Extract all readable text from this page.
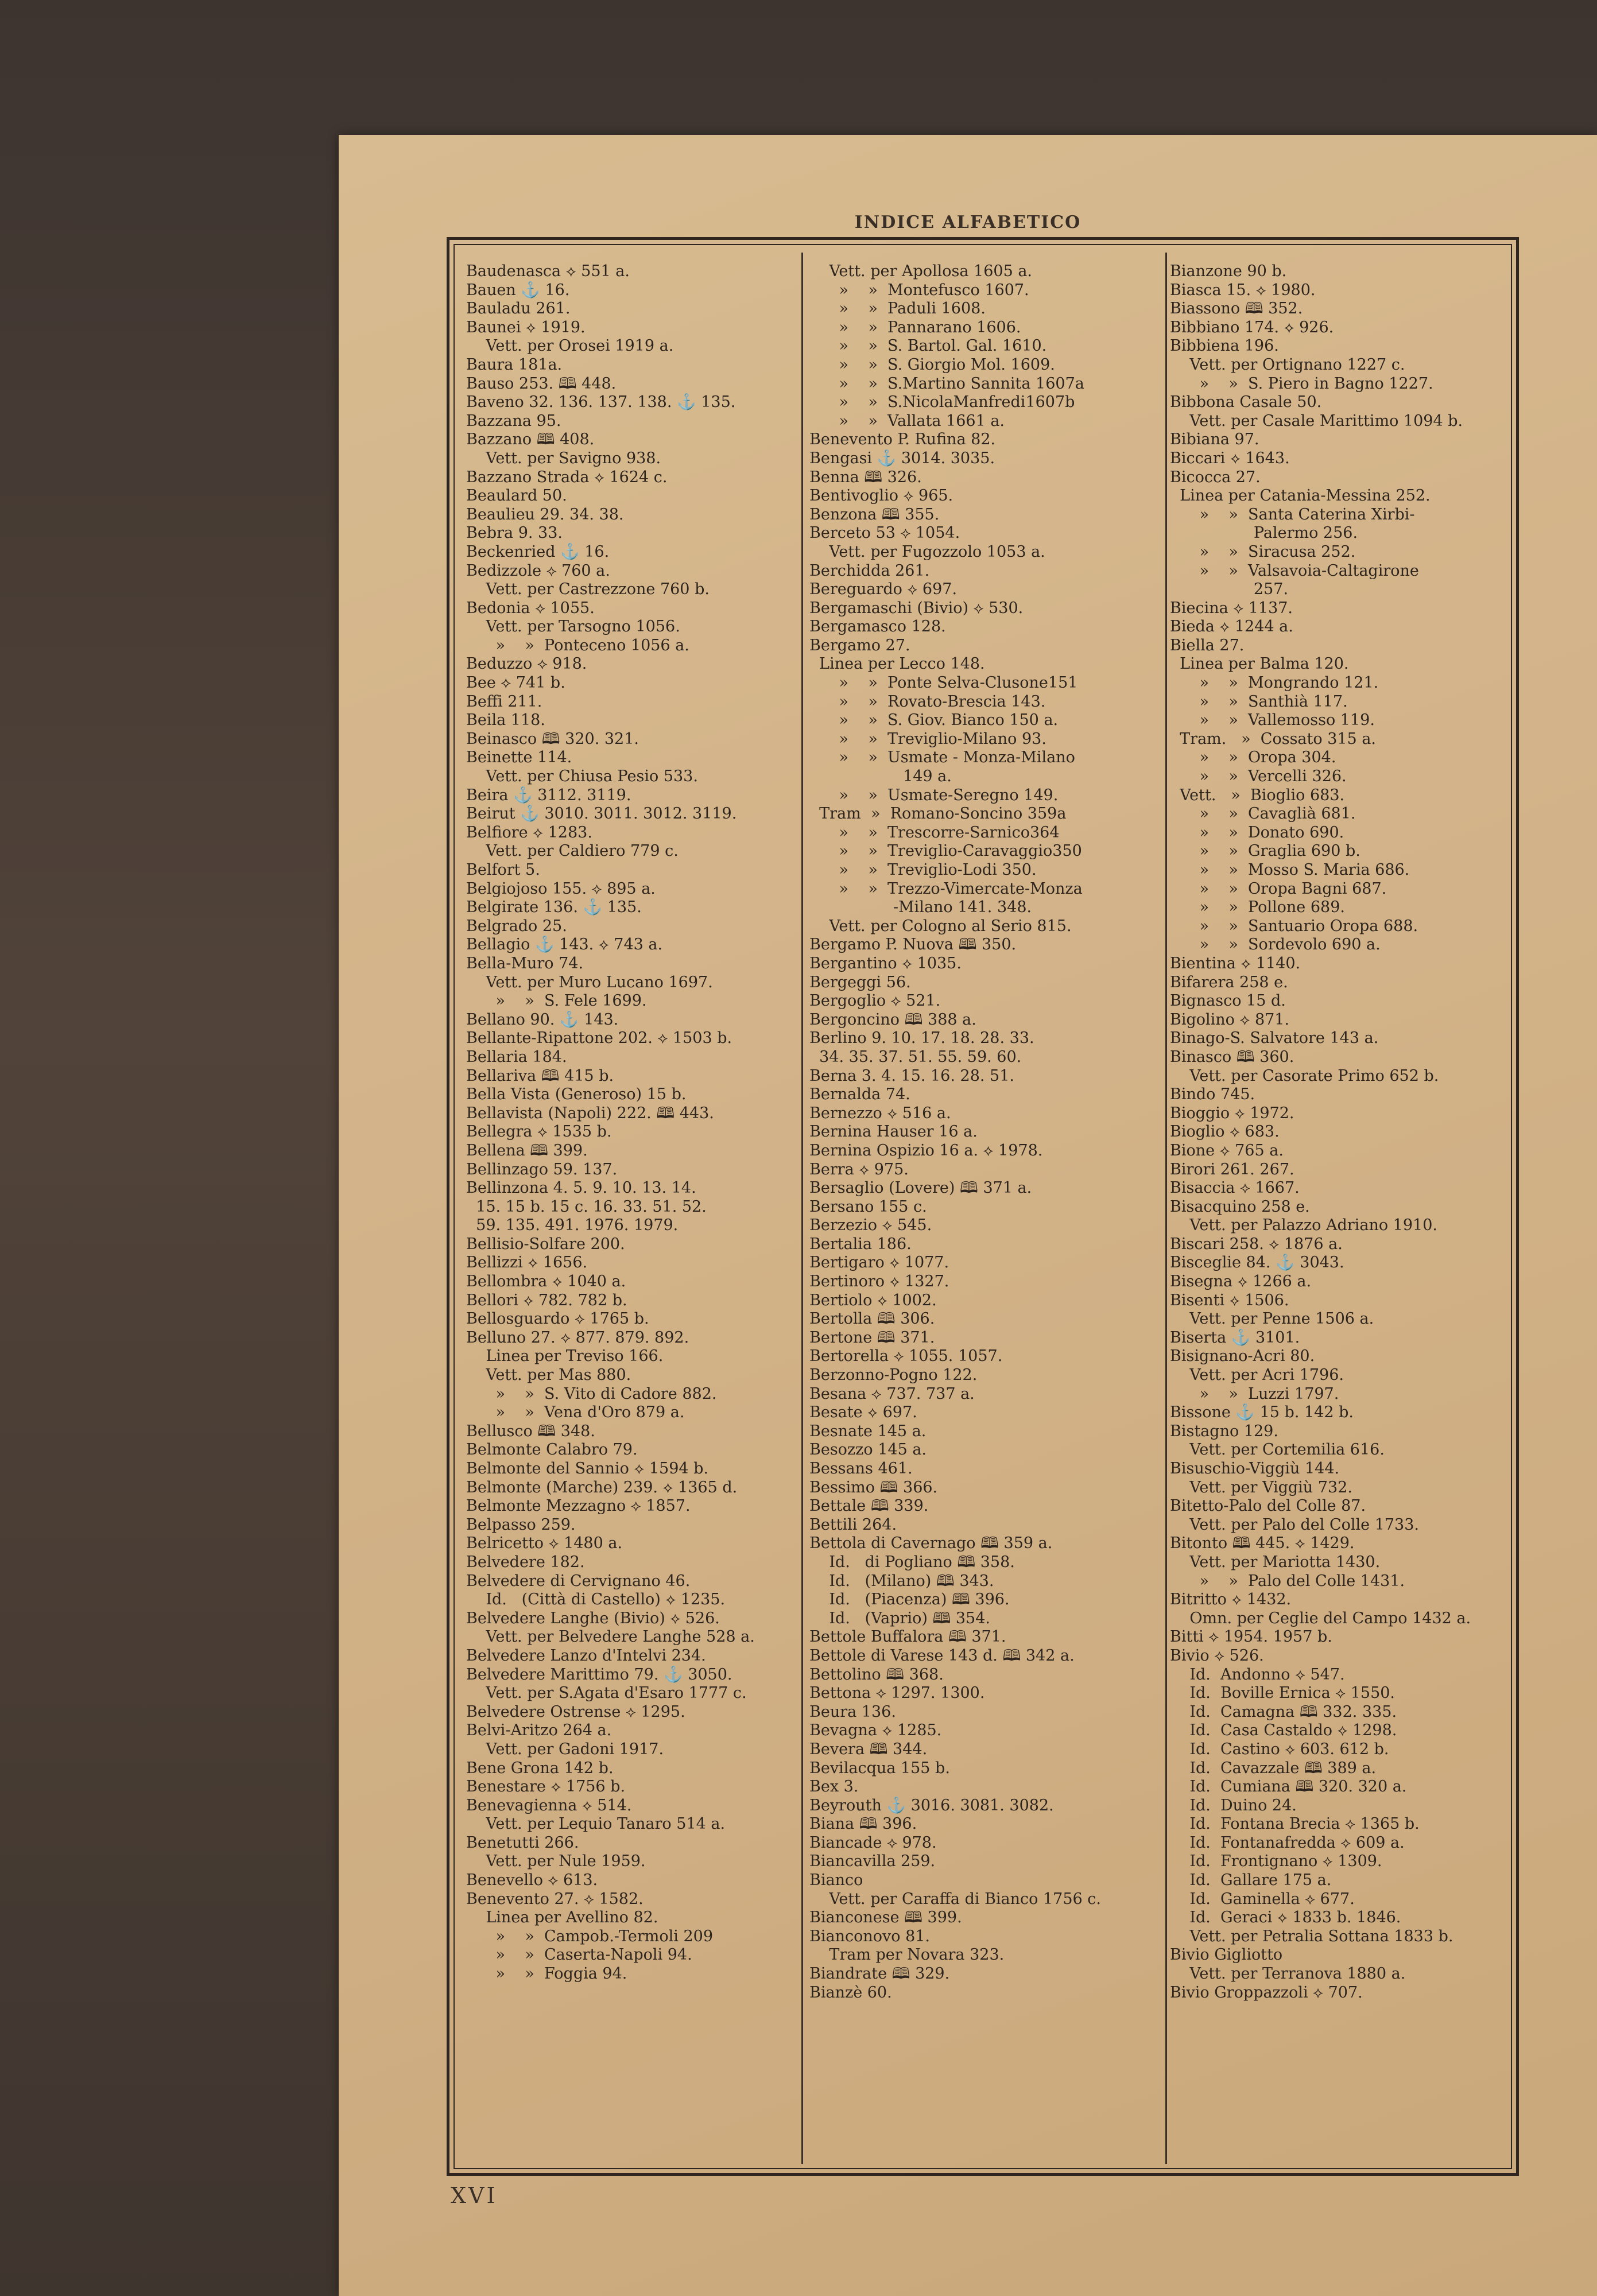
INDICE ALFABETICO
Baudenasca ⟡ 551 a.
Bauen ⚓ 16.
Bauladu 261.
Baunei ⟡ 1919.
Vett. per Orosei 1919 a.
Baura 181a.
Bauso 253. 🕮 448.
Baveno 32. 136. 137. 138. ⚓ 135.
Bazzana 95.
Bazzano 🕮 408.
Vett. per Savigno 938.
Bazzano Strada ⟡ 1624 c.
Beaulard 50.
Beaulieu 29. 34. 38.
Bebra 9. 33.
Beckenried ⚓ 16.
Bedizzole ⟡ 760 a.
Vett. per Castrezzone 760 b.
Bedonia ⟡ 1055.
Vett. per Tarsogno 1056.
»    »  Ponteceno 1056 a.
Beduzzo ⟡ 918.
Bee ⟡ 741 b.
Beffi 211.
Beila 118.
Beinasco 🕮 320. 321.
Beinette 114.
Vett. per Chiusa Pesio 533.
Beira ⚓ 3112. 3119.
Beirut ⚓ 3010. 3011. 3012. 3119.
Belfiore ⟡ 1283.
Vett. per Caldiero 779 c.
Belfort 5.
Belgiojoso 155. ⟡ 895 a.
Belgirate 136. ⚓ 135.
Belgrado 25.
Bellagio ⚓ 143. ⟡ 743 a.
Bella-Muro 74.
Vett. per Muro Lucano 1697.
»    »  S. Fele 1699.
Bellano 90. ⚓ 143.
Bellante-Ripattone 202. ⟡ 1503 b.
Bellaria 184.
Bellariva 🕮 415 b.
Bella Vista (Generoso) 15 b.
Bellavista (Napoli) 222. 🕮 443.
Bellegra ⟡ 1535 b.
Bellena 🕮 399.
Bellinzago 59. 137.
Bellinzona 4. 5. 9. 10. 13. 14.
15. 15 b. 15 c. 16. 33. 51. 52.
59. 135. 491. 1976. 1979.
Bellisio-Solfare 200.
Bellizzi ⟡ 1656.
Bellombra ⟡ 1040 a.
Bellori ⟡ 782. 782 b.
Bellosguardo ⟡ 1765 b.
Belluno 27. ⟡ 877. 879. 892.
Linea per Treviso 166.
Vett. per Mas 880.
»    »  S. Vito di Cadore 882.
»    »  Vena d'Oro 879 a.
Bellusco 🕮 348.
Belmonte Calabro 79.
Belmonte del Sannio ⟡ 1594 b.
Belmonte (Marche) 239. ⟡ 1365 d.
Belmonte Mezzagno ⟡ 1857.
Belpasso 259.
Belricetto ⟡ 1480 a.
Belvedere 182.
Belvedere di Cervignano 46.
Id.   (Città di Castello) ⟡ 1235.
Belvedere Langhe (Bivio) ⟡ 526.
Vett. per Belvedere Langhe 528 a.
Belvedere Lanzo d'Intelvi 234.
Belvedere Marittimo 79. ⚓ 3050.
Vett. per S.Agata d'Esaro 1777 c.
Belvedere Ostrense ⟡ 1295.
Belvi-Aritzo 264 a.
Vett. per Gadoni 1917.
Bene Grona 142 b.
Benestare ⟡ 1756 b.
Benevagienna ⟡ 514.
Vett. per Lequio Tanaro 514 a.
Benetutti 266.
Vett. per Nule 1959.
Benevello ⟡ 613.
Benevento 27. ⟡ 1582.
Linea per Avellino 82.
»    »  Campob.-Termoli 209
»    »  Caserta-Napoli 94.
»    »  Foggia 94.
Vett. per Apollosa 1605 a.
»    »  Montefusco 1607.
»    »  Paduli 1608.
»    »  Pannarano 1606.
»    »  S. Bartol. Gal. 1610.
»    »  S. Giorgio Mol. 1609.
»    »  S.Martino Sannita 1607a
»    »  S.NicolaManfredi1607b
»    »  Vallata 1661 a.
Benevento P. Rufina 82.
Bengasi ⚓ 3014. 3035.
Benna 🕮 326.
Bentivoglio ⟡ 965.
Benzona 🕮 355.
Berceto 53 ⟡ 1054.
Vett. per Fugozzolo 1053 a.
Berchidda 261.
Bereguardo ⟡ 697.
Bergamaschi (Bivio) ⟡ 530.
Bergamasco 128.
Bergamo 27.
Linea per Lecco 148.
»    »  Ponte Selva-Clusone151
»    »  Rovato-Brescia 143.
»    »  S. Giov. Bianco 150 a.
»    »  Treviglio-Milano 93.
»    »  Usmate - Monza-Milano
149 a.
»    »  Usmate-Seregno 149.
Tram  »  Romano-Soncino 359a
»    »  Trescorre-Sarnico364
»    »  Treviglio-Caravaggio350
»    »  Treviglio-Lodi 350.
»    »  Trezzo-Vimercate-Monza
-Milano 141. 348.
Vett. per Cologno al Serio 815.
Bergamo P. Nuova 🕮 350.
Bergantino ⟡ 1035.
Bergeggi 56.
Bergoglio ⟡ 521.
Bergoncino 🕮 388 a.
Berlino 9. 10. 17. 18. 28. 33.
34. 35. 37. 51. 55. 59. 60.
Berna 3. 4. 15. 16. 28. 51.
Bernalda 74.
Bernezzo ⟡ 516 a.
Bernina Hauser 16 a.
Bernina Ospizio 16 a. ⟡ 1978.
Berra ⟡ 975.
Bersaglio (Lovere) 🕮 371 a.
Bersano 155 c.
Berzezio ⟡ 545.
Bertalia 186.
Bertigaro ⟡ 1077.
Bertinoro ⟡ 1327.
Bertiolo ⟡ 1002.
Bertolla 🕮 306.
Bertone 🕮 371.
Bertorella ⟡ 1055. 1057.
Berzonno-Pogno 122.
Besana ⟡ 737. 737 a.
Besate ⟡ 697.
Besnate 145 a.
Besozzo 145 a.
Bessans 461.
Bessimo 🕮 366.
Bettale 🕮 339.
Bettili 264.
Bettola di Cavernago 🕮 359 a.
Id.   di Pogliano 🕮 358.
Id.   (Milano) 🕮 343.
Id.   (Piacenza) 🕮 396.
Id.   (Vaprio) 🕮 354.
Bettole Buffalora 🕮 371.
Bettole di Varese 143 d. 🕮 342 a.
Bettolino 🕮 368.
Bettona ⟡ 1297. 1300.
Beura 136.
Bevagna ⟡ 1285.
Bevera 🕮 344.
Bevilacqua 155 b.
Bex 3.
Beyrouth ⚓ 3016. 3081. 3082.
Biana 🕮 396.
Biancade ⟡ 978.
Biancavilla 259.
Bianco
Vett. per Caraffa di Bianco 1756 c.
Bianconese 🕮 399.
Bianconovo 81.
Tram per Novara 323.
Biandrate 🕮 329.
Bianzè 60.
Bianzone 90 b.
Biasca 15. ⟡ 1980.
Biassono 🕮 352.
Bibbiano 174. ⟡ 926.
Bibbiena 196.
Vett. per Ortignano 1227 c.
»    »  S. Piero in Bagno 1227.
Bibbona Casale 50.
Vett. per Casale Marittimo 1094 b.
Bibiana 97.
Biccari ⟡ 1643.
Bicocca 27.
Linea per Catania-Messina 252.
»    »  Santa Caterina Xirbi-
Palermo 256.
»    »  Siracusa 252.
»    »  Valsavoia-Caltagirone
257.
Biecina ⟡ 1137.
Bieda ⟡ 1244 a.
Biella 27.
Linea per Balma 120.
»    »  Mongrando 121.
»    »  Santhià 117.
»    »  Vallemosso 119.
Tram.   »  Cossato 315 a.
»    »  Oropa 304.
»    »  Vercelli 326.
Vett.   »  Bioglio 683.
»    »  Cavaglià 681.
»    »  Donato 690.
»    »  Graglia 690 b.
»    »  Mosso S. Maria 686.
»    »  Oropa Bagni 687.
»    »  Pollone 689.
»    »  Santuario Oropa 688.
»    »  Sordevolo 690 a.
Bientina ⟡ 1140.
Bifarera 258 e.
Bignasco 15 d.
Bigolino ⟡ 871.
Binago-S. Salvatore 143 a.
Binasco 🕮 360.
Vett. per Casorate Primo 652 b.
Bindo 745.
Bioggio ⟡ 1972.
Bioglio ⟡ 683.
Bione ⟡ 765 a.
Birori 261. 267.
Bisaccia ⟡ 1667.
Bisacquino 258 e.
Vett. per Palazzo Adriano 1910.
Biscari 258. ⟡ 1876 a.
Bisceglie 84. ⚓ 3043.
Bisegna ⟡ 1266 a.
Bisenti ⟡ 1506.
Vett. per Penne 1506 a.
Biserta ⚓ 3101.
Bisignano-Acri 80.
Vett. per Acri 1796.
»    »  Luzzi 1797.
Bissone ⚓ 15 b. 142 b.
Bistagno 129.
Vett. per Cortemilia 616.
Bisuschio-Viggiù 144.
Vett. per Viggiù 732.
Bitetto-Palo del Colle 87.
Vett. per Palo del Colle 1733.
Bitonto 🕮 445. ⟡ 1429.
Vett. per Mariotta 1430.
»    »  Palo del Colle 1431.
Bitritto ⟡ 1432.
Omn. per Ceglie del Campo 1432 a.
Bitti ⟡ 1954. 1957 b.
Bivio ⟡ 526.
Id.  Andonno ⟡ 547.
Id.  Boville Ernica ⟡ 1550.
Id.  Camagna 🕮 332. 335.
Id.  Casa Castaldo ⟡ 1298.
Id.  Castino ⟡ 603. 612 b.
Id.  Cavazzale 🕮 389 a.
Id.  Cumiana 🕮 320. 320 a.
Id.  Duino 24.
Id.  Fontana Brecia ⟡ 1365 b.
Id.  Fontanafredda ⟡ 609 a.
Id.  Frontignano ⟡ 1309.
Id.  Gallare 175 a.
Id.  Gaminella ⟡ 677.
Id.  Geraci ⟡ 1833 b. 1846.
Vett. per Petralia Sottana 1833 b.
Bivio Gigliotto
Vett. per Terranova 1880 a.
Bivio Groppazzoli ⟡ 707.
XVI
